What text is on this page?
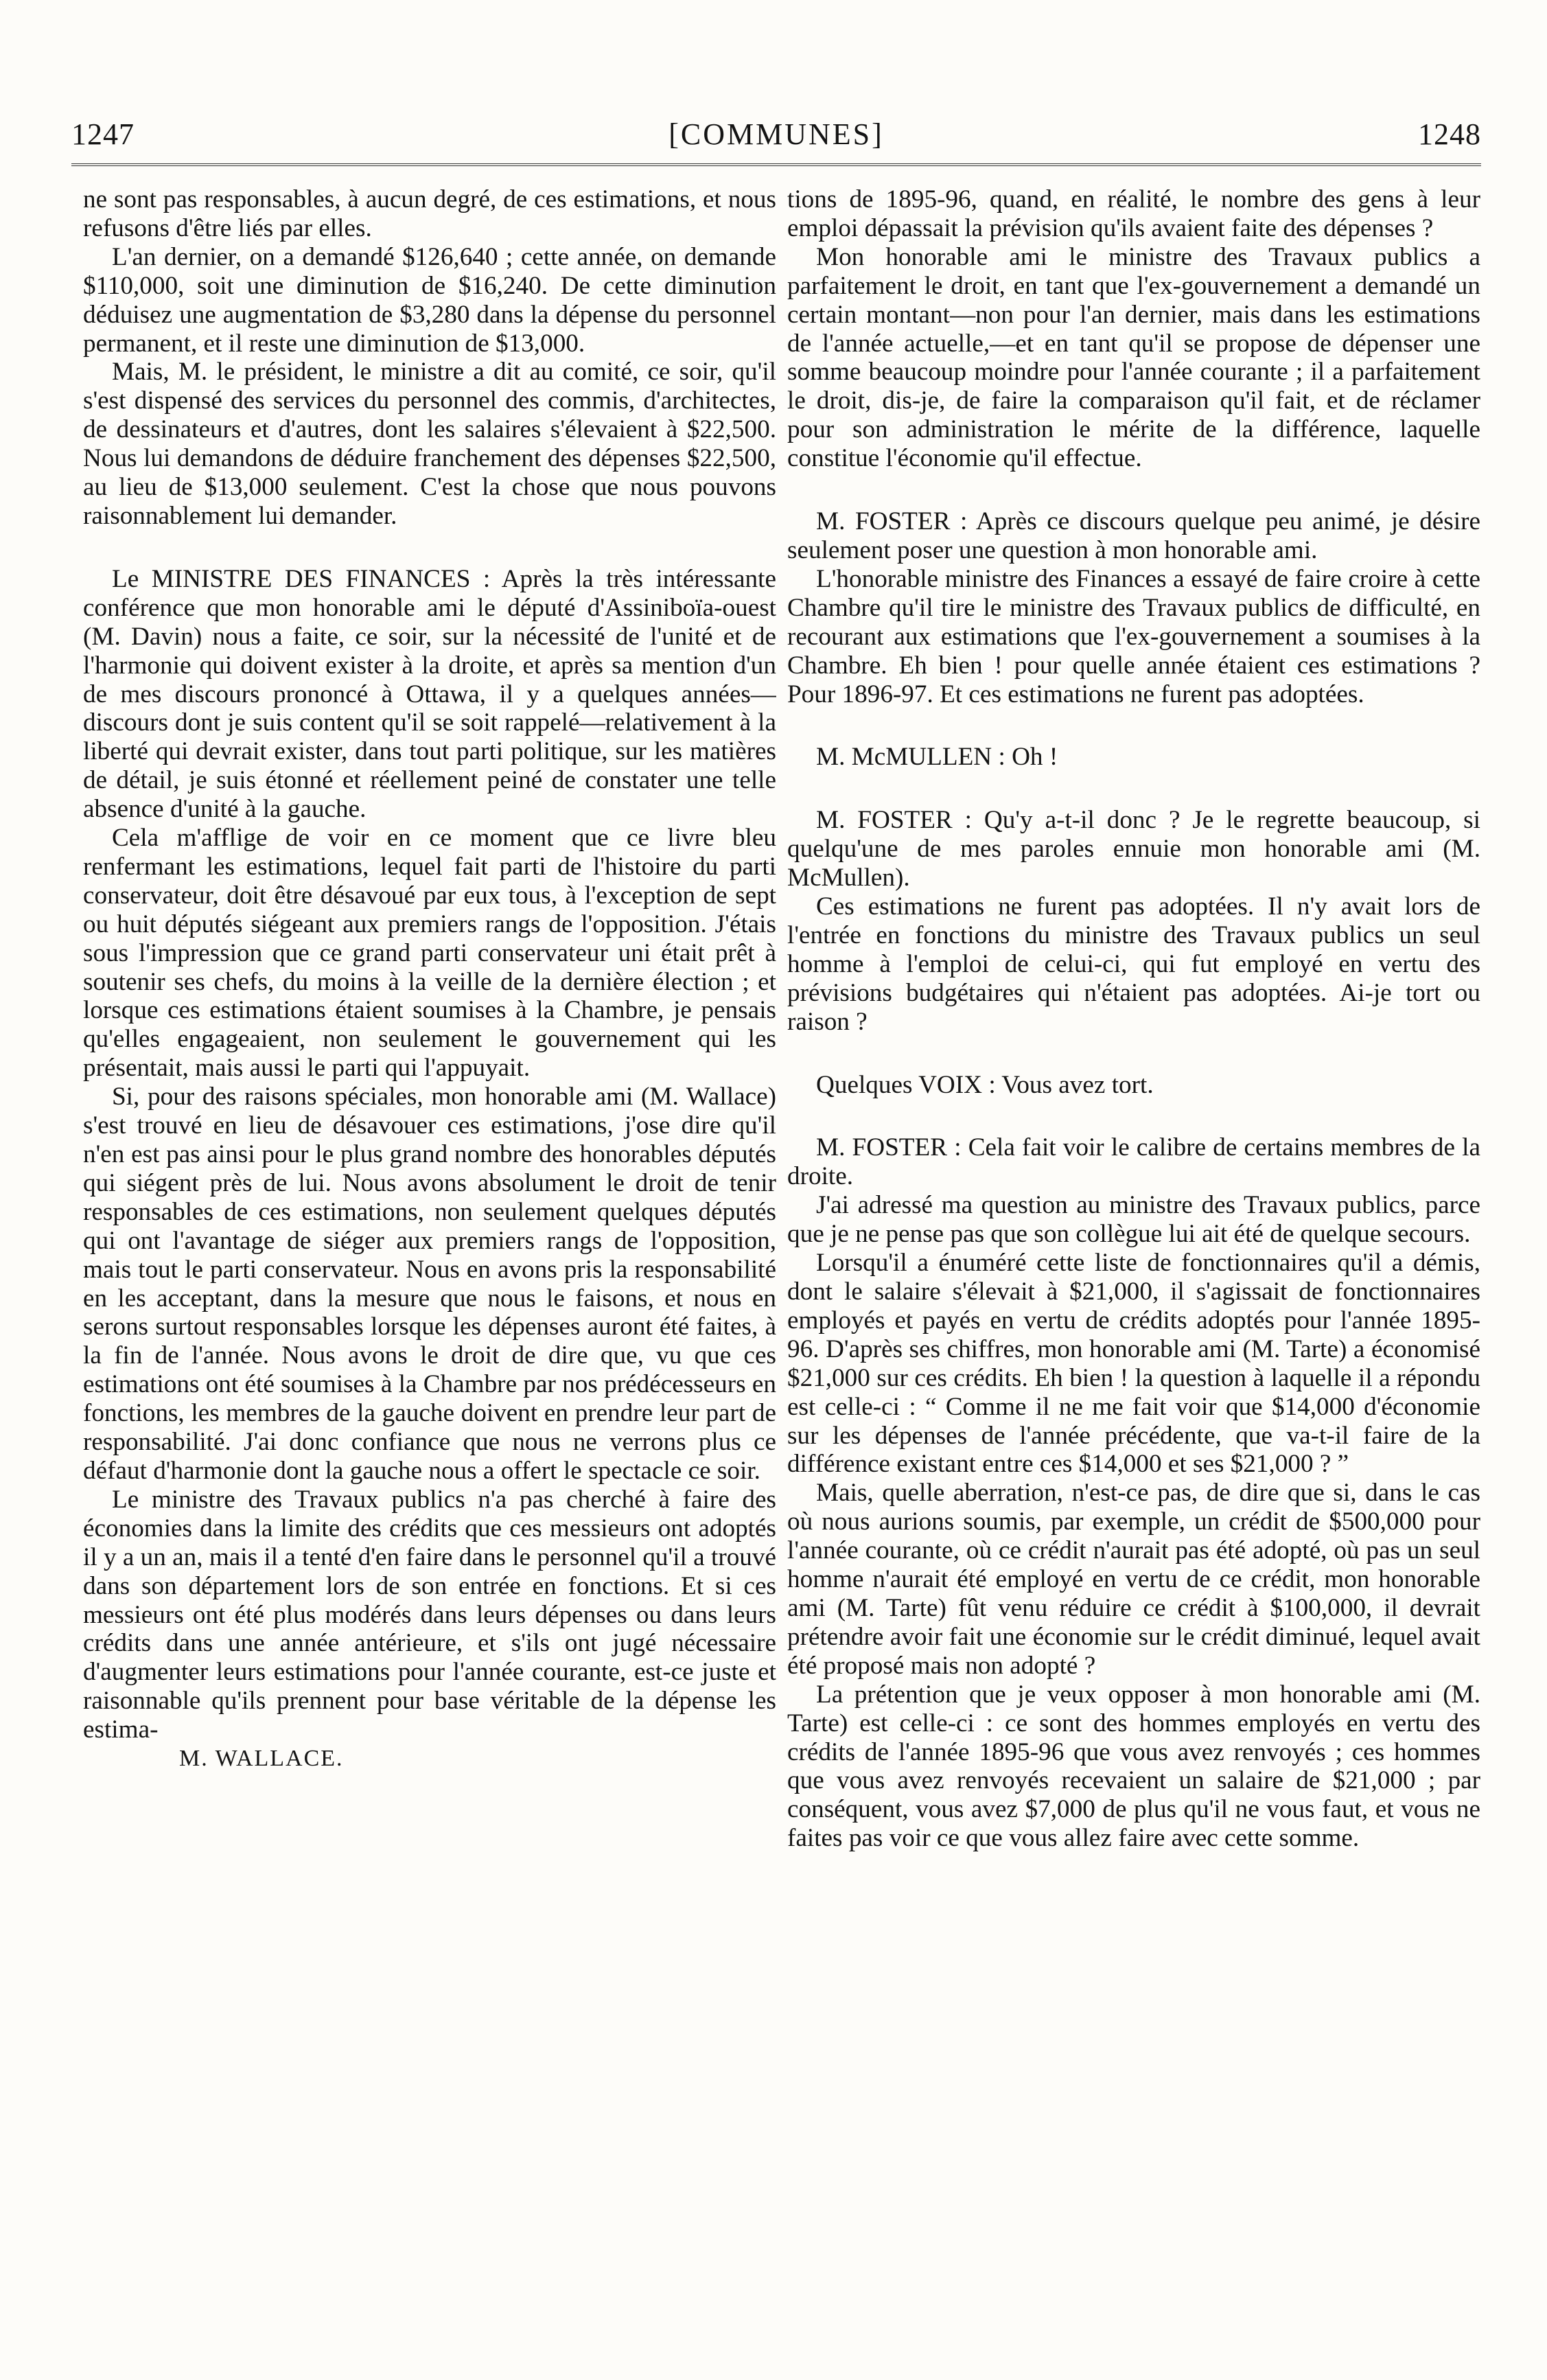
1247	[COMMUNES]	1248

ne sont pas responsables, à aucun degré, de ces estimations, et nous refusons d'être liés par elles.

L'an dernier, on a demandé $126,640 ; cette année, on demande $110,000, soit une diminution de $16,240. De cette diminution déduisez une augmentation de $3,280 dans la dépense du personnel permanent, et il reste une diminution de $13,000.

Mais, M. le président, le ministre a dit au comité, ce soir, qu'il s'est dispensé des services du personnel des commis, d'architectes, de dessinateurs et d'autres, dont les salaires s'élevaient à $22,500. Nous lui demandons de déduire franchement des dépenses $22,500, au lieu de $13,000 seulement. C'est la chose que nous pouvons raisonnablement lui demander.

Le MINISTRE DES FINANCES : Après la très intéressante conférence que mon honorable ami le député d'Assiniboïa-ouest (M. Davin) nous a faite, ce soir, sur la nécessité de l'unité et de l'harmonie qui doivent exister à la droite, et après sa mention d'un de mes discours prononcé à Ottawa, il y a quelques années—discours dont je suis content qu'il se soit rappelé—relativement à la liberté qui devrait exister, dans tout parti politique, sur les matières de détail, je suis étonné et réellement peiné de constater une telle absence d'unité à la gauche.

Cela m'afflige de voir en ce moment que ce livre bleu renfermant les estimations, lequel fait parti de l'histoire du parti conservateur, doit être désavoué par eux tous, à l'exception de sept ou huit députés siégeant aux premiers rangs de l'opposition. J'étais sous l'impression que ce grand parti conservateur uni était prêt à soutenir ses chefs, du moins à la veille de la dernière élection ; et lorsque ces estimations étaient soumises à la Chambre, je pensais qu'elles engageaient, non seulement le gouvernement qui les présentait, mais aussi le parti qui l'appuyait.

Si, pour des raisons spéciales, mon honorable ami (M. Wallace) s'est trouvé en lieu de désavouer ces estimations, j'ose dire qu'il n'en est pas ainsi pour le plus grand nombre des honorables députés qui siégent près de lui. Nous avons absolument le droit de tenir responsables de ces estimations, non seulement quelques députés qui ont l'avantage de siéger aux premiers rangs de l'opposition, mais tout le parti conservateur. Nous en avons pris la responsabilité en les acceptant, dans la mesure que nous le faisons, et nous en serons surtout responsables lorsque les dépenses auront été faites, à la fin de l'année. Nous avons le droit de dire que, vu que ces estimations ont été soumises à la Chambre par nos prédécesseurs en fonctions, les membres de la gauche doivent en prendre leur part de responsabilité. J'ai donc confiance que nous ne verrons plus ce défaut d'harmonie dont la gauche nous a offert le spectacle ce soir.

Le ministre des Travaux publics n'a pas cherché à faire des économies dans la limite des crédits que ces messieurs ont adoptés il y a un an, mais il a tenté d'en faire dans le personnel qu'il a trouvé dans son département lors de son entrée en fonctions. Et si ces messieurs ont été plus modérés dans leurs dépenses ou dans leurs crédits dans une année antérieure, et s'ils ont jugé nécessaire d'augmenter leurs estimations pour l'année courante, est-ce juste et raisonnable qu'ils prennent pour base véritable de la dépense les estima-

M. WALLACE.

tions de 1895-96, quand, en réalité, le nombre des gens à leur emploi dépassait la prévision qu'ils avaient faite des dépenses ?

Mon honorable ami le ministre des Travaux publics a parfaitement le droit, en tant que l'ex-gouvernement a demandé un certain montant—non pour l'an dernier, mais dans les estimations de l'année actuelle,—et en tant qu'il se propose de dépenser une somme beaucoup moindre pour l'année courante ; il a parfaitement le droit, dis-je, de faire la comparaison qu'il fait, et de réclamer pour son administration le mérite de la différence, laquelle constitue l'économie qu'il effectue.

M. FOSTER : Après ce discours quelque peu animé, je désire seulement poser une question à mon honorable ami.

L'honorable ministre des Finances a essayé de faire croire à cette Chambre qu'il tire le ministre des Travaux publics de difficulté, en recourant aux estimations que l'ex-gouvernement a soumises à la Chambre. Eh bien ! pour quelle année étaient ces estimations ? Pour 1896-97. Et ces estimations ne furent pas adoptées.

M. McMULLEN : Oh !

M. FOSTER : Qu'y a-t-il donc ? Je le regrette beaucoup, si quelqu'une de mes paroles ennuie mon honorable ami (M. McMullen).

Ces estimations ne furent pas adoptées. Il n'y avait lors de l'entrée en fonctions du ministre des Travaux publics un seul homme à l'emploi de celui-ci, qui fut employé en vertu des prévisions budgétaires qui n'étaient pas adoptées. Ai-je tort ou raison ?

Quelques VOIX : Vous avez tort.

M. FOSTER : Cela fait voir le calibre de certains membres de la droite.

J'ai adressé ma question au ministre des Travaux publics, parce que je ne pense pas que son collègue lui ait été de quelque secours.

Lorsqu'il a énuméré cette liste de fonctionnaires qu'il a démis, dont le salaire s'élevait à $21,000, il s'agissait de fonctionnaires employés et payés en vertu de crédits adoptés pour l'année 1895-96. D'après ses chiffres, mon honorable ami (M. Tarte) a économisé $21,000 sur ces crédits. Eh bien ! la question à laquelle il a répondu est celle-ci : “ Comme il ne me fait voir que $14,000 d'économie sur les dépenses de l'année précédente, que va-t-il faire de la différence existant entre ces $14,000 et ses $21,000 ? ”

Mais, quelle aberration, n'est-ce pas, de dire que si, dans le cas où nous aurions soumis, par exemple, un crédit de $500,000 pour l'année courante, où ce crédit n'aurait pas été adopté, où pas un seul homme n'aurait été employé en vertu de ce crédit, mon honorable ami (M. Tarte) fût venu réduire ce crédit à $100,000, il devrait prétendre avoir fait une économie sur le crédit diminué, lequel avait été proposé mais non adopté ?

La prétention que je veux opposer à mon honorable ami (M. Tarte) est celle-ci : ce sont des hommes employés en vertu des crédits de l'année 1895-96 que vous avez renvoyés ; ces hommes que vous avez renvoyés recevaient un salaire de $21,000 ; par conséquent, vous avez $7,000 de plus qu'il ne vous faut, et vous ne faites pas voir ce que vous allez faire avec cette somme.
